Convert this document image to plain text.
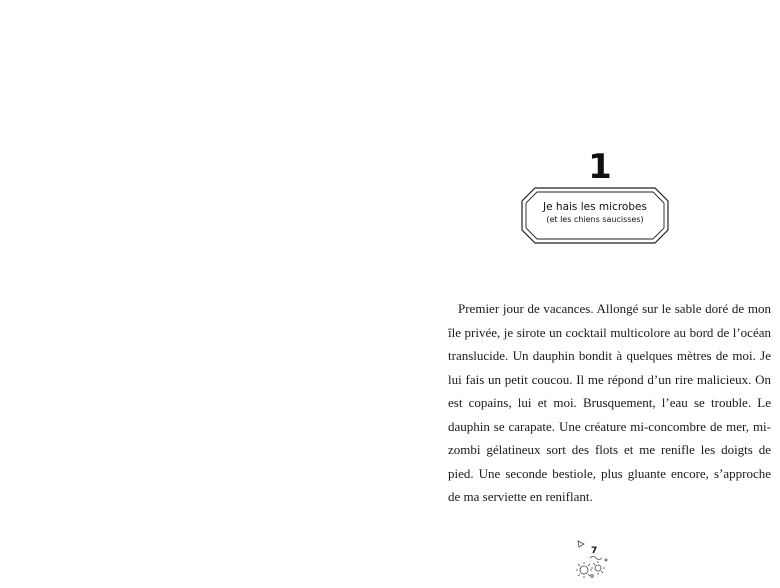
1
Je hais les microbes
(et les chiens saucisses)

Premier jour de vacances. Allongé sur le sable doré de mon île privée, je sirote un cocktail multicolore au bord de l’océan translucide. Un dauphin bondit à quelques mètres de moi. Je lui fais un petit coucou. Il me répond d’un rire malicieux. On est copains, lui et moi. Brusquement, l’eau se trouble. Le dauphin se carapate. Une créature mi-concombre de mer, mi-zombi gélatineux sort des flots et me renifle les doigts de pied. Une seconde bestiole, plus gluante encore, s’approche de ma serviette en reniflant.

7
